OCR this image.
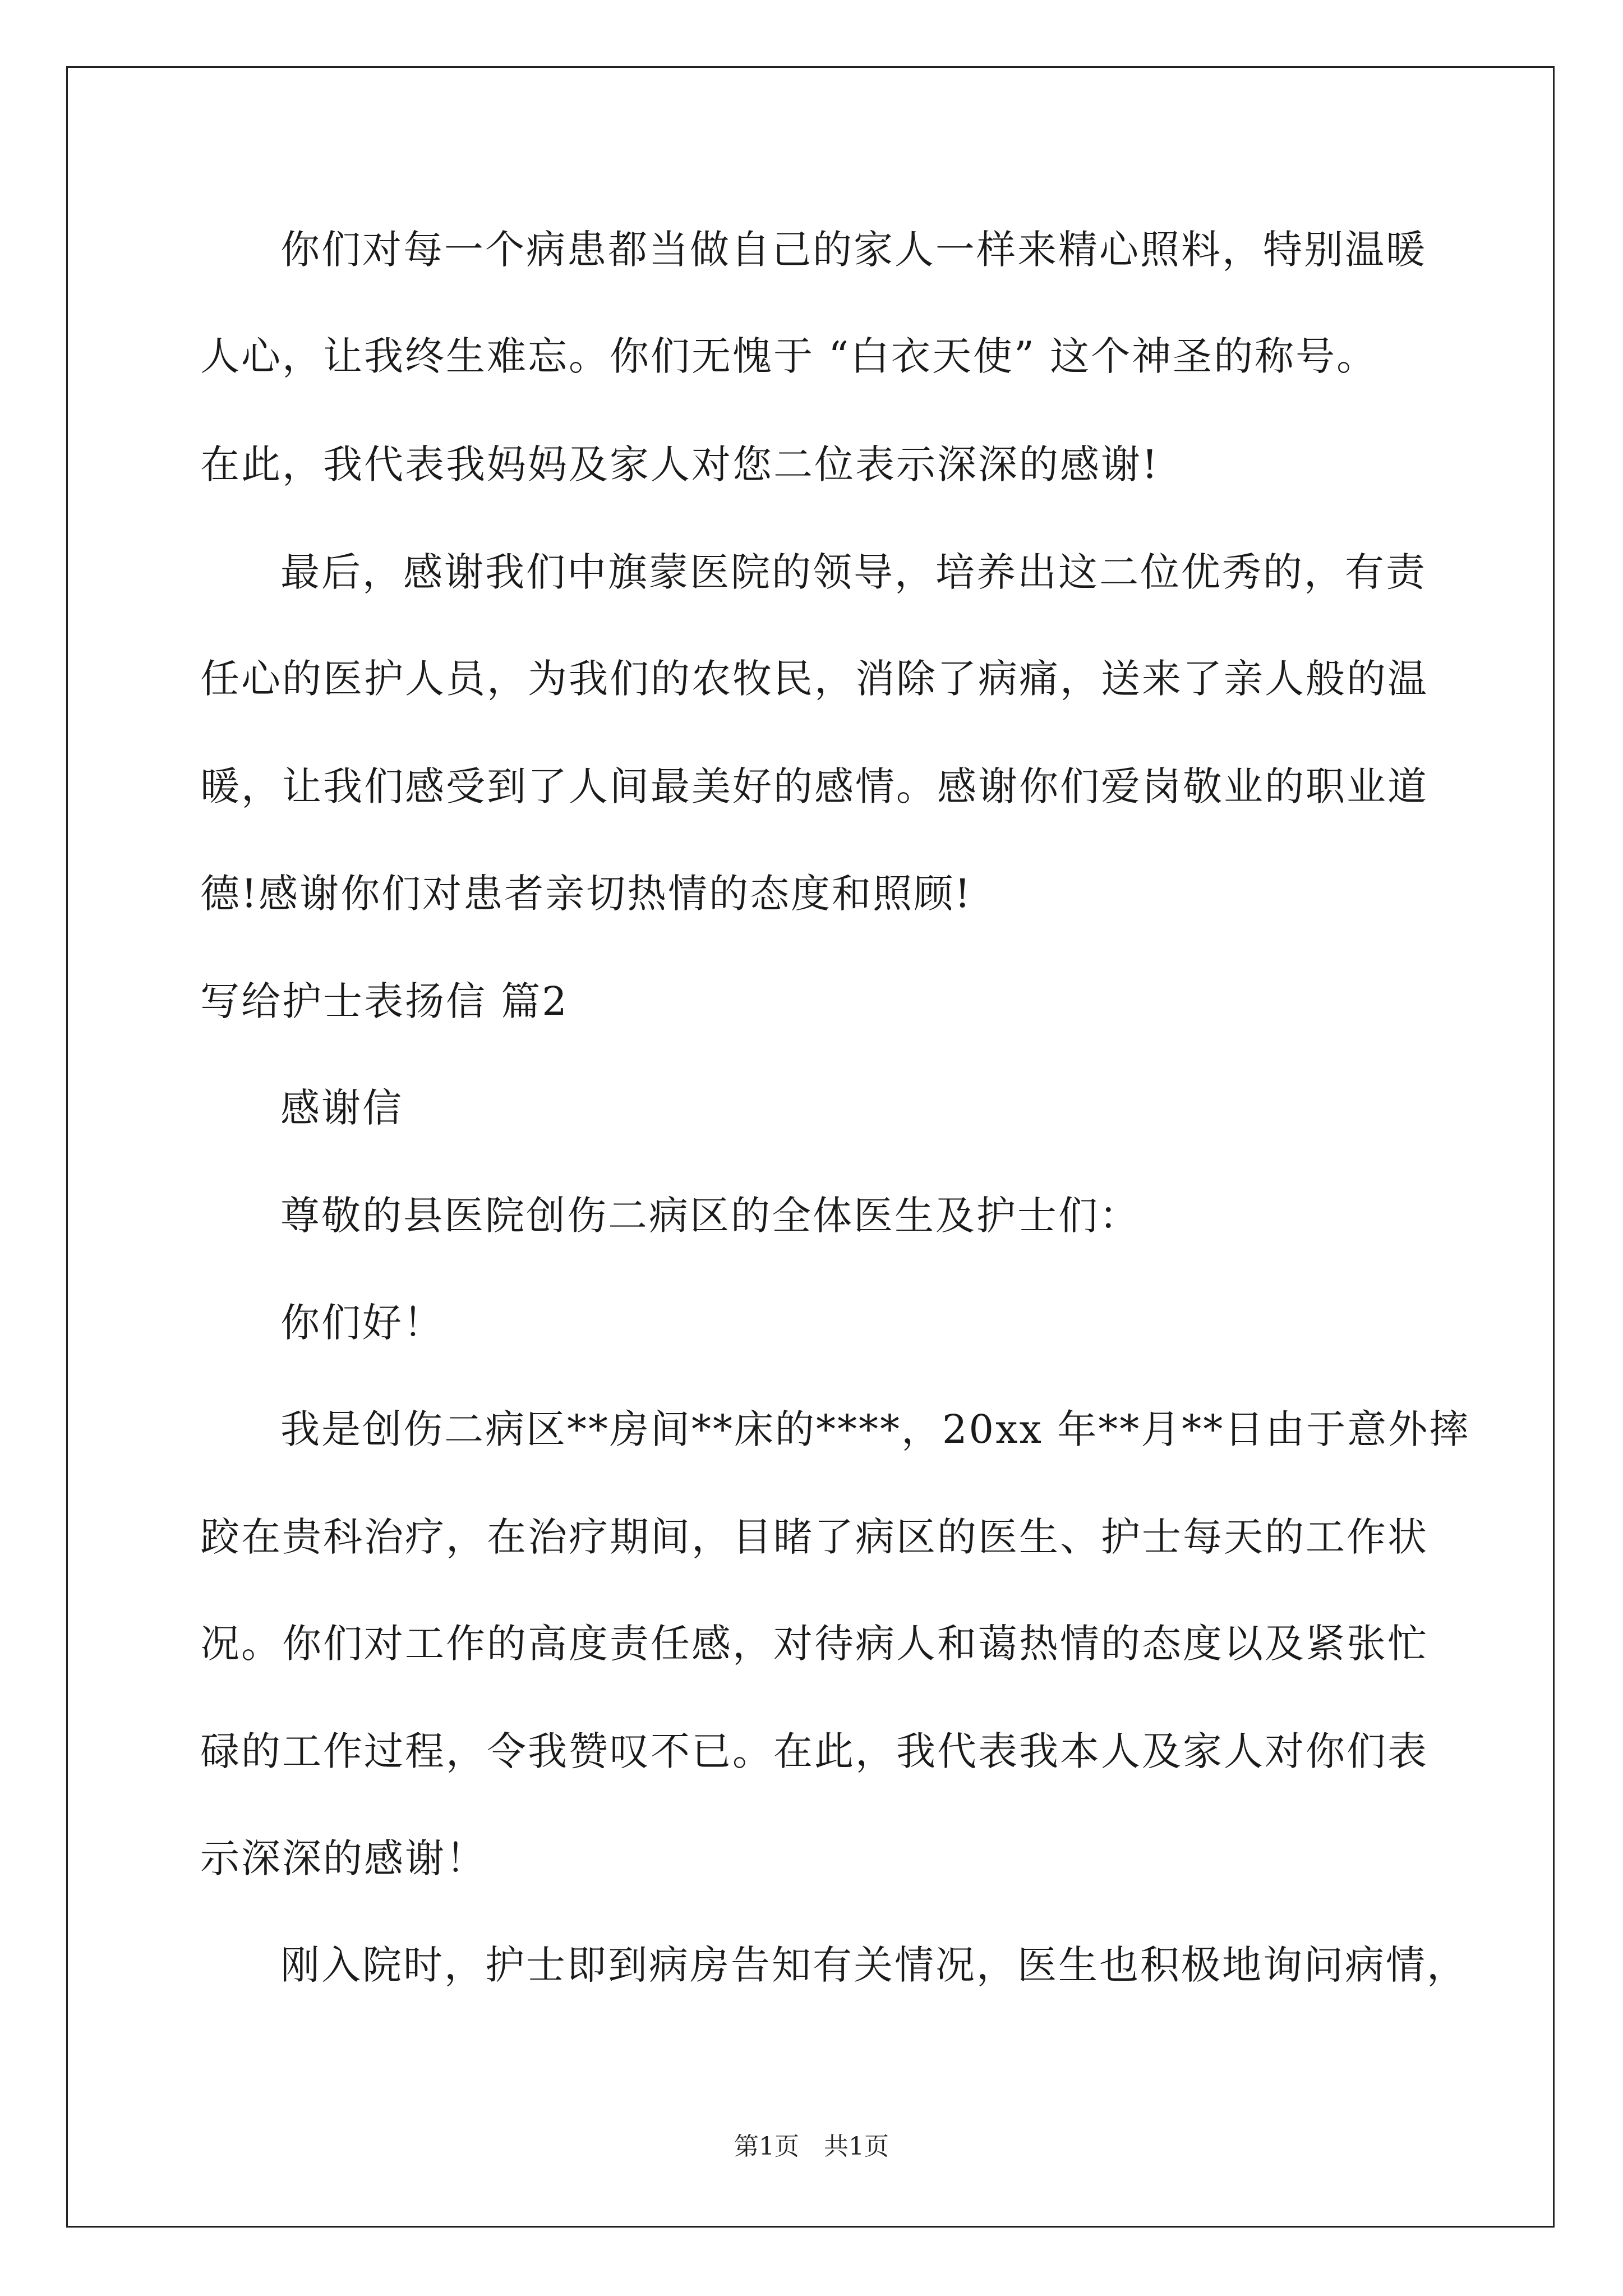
你们对每一个病患都当做自己的家人一样来精心照料，特别温暖
人心，让我终生难忘。你们无愧于 “白衣天使” 这个神圣的称号。
在此，我代表我妈妈及家人对您二位表示深深的感谢!
最后，感谢我们中旗蒙医院的领导，培养出这二位优秀的，有责
任心的医护人员，为我们的农牧民，消除了病痛，送来了亲人般的温
暖，让我们感受到了人间最美好的感情。感谢你们爱岗敬业的职业道
德!感谢你们对患者亲切热情的态度和照顾!
写给护士表扬信 篇2
感谢信
尊敬的县医院创伤二病区的全体医生及护士们：
你们好！
我是创伤二病区**房间**床的****，20xx 年**月**日由于意外摔
跤在贵科治疗，在治疗期间，目睹了病区的医生、护士每天的工作状
况。你们对工作的高度责任感，对待病人和蔼热情的态度以及紧张忙
碌的工作过程，令我赞叹不已。在此，我代表我本人及家人对你们表
示深深的感谢！
刚入院时，护士即到病房告知有关情况，医生也积极地询问病情，
第1页　共1页
